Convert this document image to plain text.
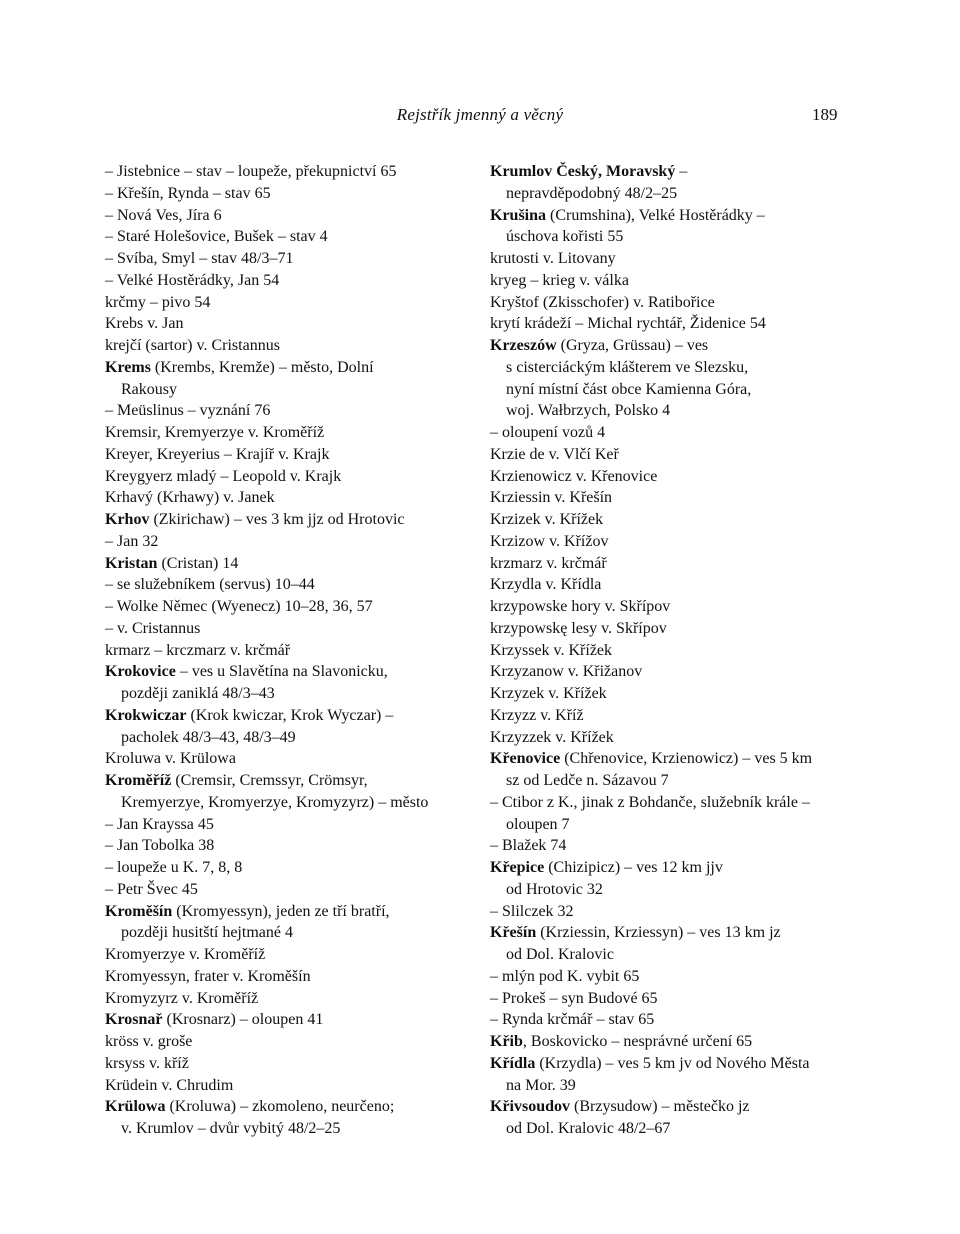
Rejstřík jmenný a věcný	189
– Jistebnice – stav – loupeže, překupnictví 65
– Křešín, Rynda – stav 65
– Nová Ves, Jíra 6
– Staré Holešovice, Bušek – stav 4
– Svíba, Smyl – stav 48/3–71
– Velké Hostěrádky, Jan 54
krčmy – pivo 54
Krebs v. Jan
krejčí (sartor) v. Cristannus
Krems (Krembs, Kremže) – město, Dolní
Rakousy
– Meüslinus – vyznání 76
Kremsir, Kremyerzye v. Kroměříž
Kreyer, Kreyerius – Krajíř v. Krajk
Kreygyerz mladý – Leopold v. Krajk
Krhavý (Krhawy) v. Janek
Krhov (Zkirichaw) – ves 3 km jjz od Hrotovic
– Jan 32
Kristan (Cristan) 14
– se služebníkem (servus) 10–44
– Wolke Němec (Wyenecz) 10–28, 36, 57
– v. Cristannus
krmarz – krczmarz v. krčmář
Krokovice – ves u Slavětína na Slavonicku,
později zaniklá 48/3–43
Krokwiczar (Krok kwiczar, Krok Wyczar) –
pacholek 48/3–43, 48/3–49
Kroluwa v. Krülowa
Kroměříž (Cremsir, Cremssyr, Crömsyr,
Kremyerzye, Kromyerzye, Kromyzyrz) – město
– Jan Krayssa 45
– Jan Tobolka 38
– loupeže u K. 7, 8, 8
– Petr Švec 45
Kroměšín (Kromyessyn), jeden ze tří bratří,
později husitští hejtmané 4
Kromyerzye v. Kroměříž
Kromyessyn, frater v. Kroměšín
Kromyzyrz v. Kroměříž
Krosnař (Krosnarz) – oloupen 41
kröss v. groše
krsyss v. kříž
Krüdein v. Chrudim
Krülowa (Kroluwa) – zkomoleno, neurčeno;
v. Krumlov – dvůr vybitý 48/2–25
Krumlov Český, Moravský –
nepravděpodobný 48/2–25
Krušina (Crumshina), Velké Hostěrádky –
úschova kořisti 55
krutosti v. Litovany
kryeg – krieg v. válka
Kryštof (Zkisschofer) v. Ratibořice
krytí krádeží – Michal rychtář, Židenice 54
Krzeszów (Gryza, Grüssau) – ves
s cisterciáckým klášterem ve Slezsku,
nyní místní část obce Kamienna Góra,
woj. Wałbrzych, Polsko 4
– oloupení vozů 4
Krzie de v. Vlčí Keř
Krzienowicz v. Křenovice
Krziessin v. Křešín
Krzizek v. Křížek
Krzizow v. Křížov
krzmarz v. krčmář
Krzydla v. Křídla
krzypowske hory v. Skřípov
krzypowskę lesy v. Skřípov
Krzyssek v. Křížek
Krzyzanow v. Křižanov
Krzyzek v. Křížek
Krzyzz v. Kříž
Krzyzzek v. Křížek
Křenovice (Chřenovice, Krzienowicz) – ves 5 km
sz od Ledče n. Sázavou 7
– Ctibor z K., jinak z Bohdanče, služebník krále –
oloupen 7
– Blažek 74
Křepice (Chizipicz) – ves 12 km jjv
od Hrotovic 32
– Slilczek 32
Křešín (Krziessin, Krziessyn) – ves 13 km jz
od Dol. Kralovic
– mlýn pod K. vybit 65
– Prokeš – syn Budové 65
– Rynda krčmář – stav 65
Křib, Boskovicko – nesprávné určení 65
Křídla (Krzydla) – ves 5 km jv od Nového Města
na Mor. 39
Křivsoudov (Brzysudow) – městečko jz
od Dol. Kralovic 48/2–67
